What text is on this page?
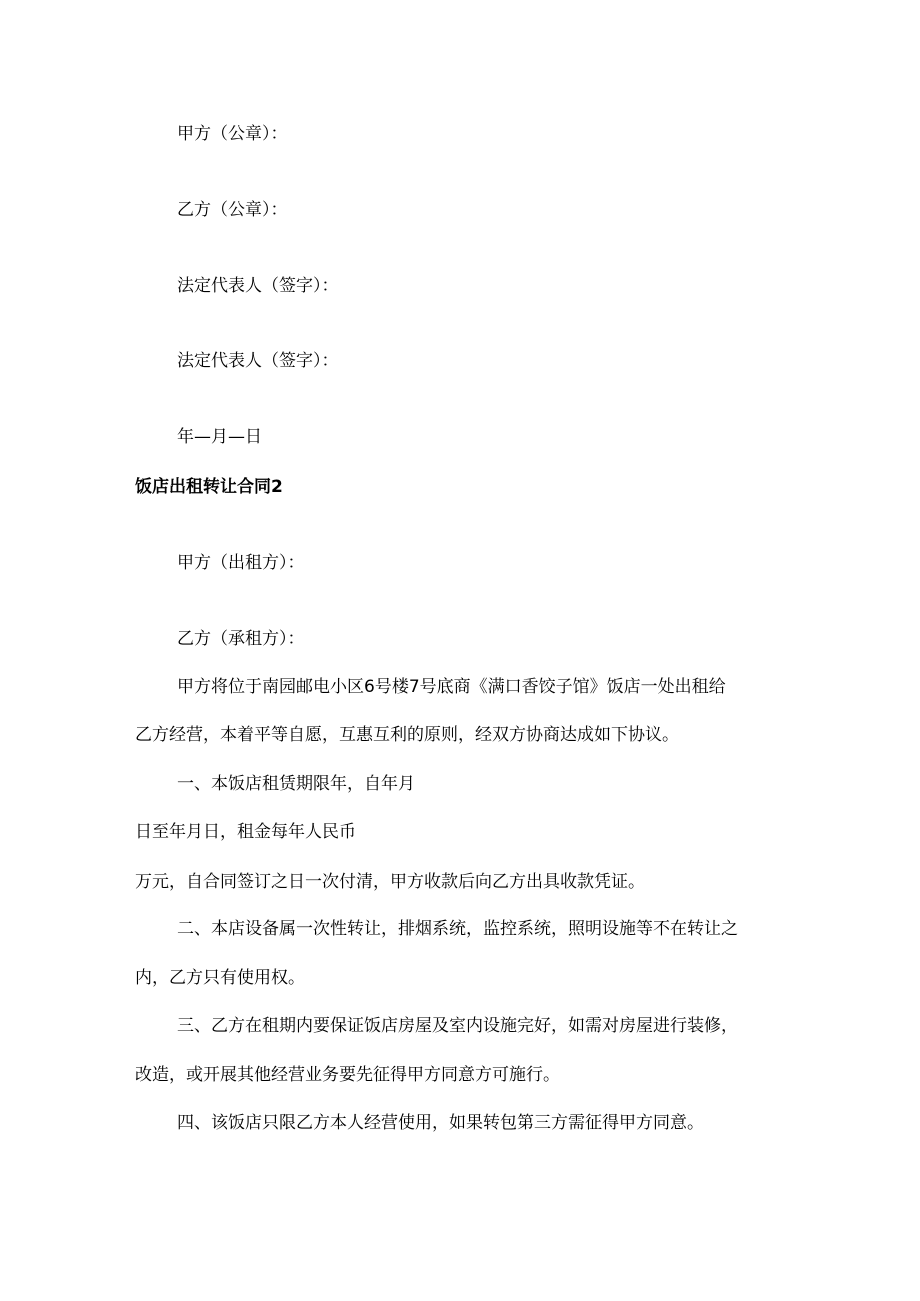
甲方（公章）：
乙方（公章）：
法定代表人（签字）：
法定代表人（签字）：
年—月—日
饭店出租转让合同2
甲方（出租方）：
乙方（承租方）：
甲方将位于南园邮电小区6号楼7号底商《满口香饺子馆》饭店一处出租给
乙方经营，本着平等自愿，互惠互利的原则，经双方协商达成如下协议。
一、本饭店租赁期限年，自年月
日至年月日，租金每年人民币
万元，自合同签订之日一次付清，甲方收款后向乙方出具收款凭证。
二、本店设备属一次性转让，排烟系统，监控系统，照明设施等不在转让之
内，乙方只有使用权。
三、乙方在租期内要保证饭店房屋及室内设施完好，如需对房屋进行装修，
改造，或开展其他经营业务要先征得甲方同意方可施行。
四、该饭店只限乙方本人经营使用，如果转包第三方需征得甲方同意。
